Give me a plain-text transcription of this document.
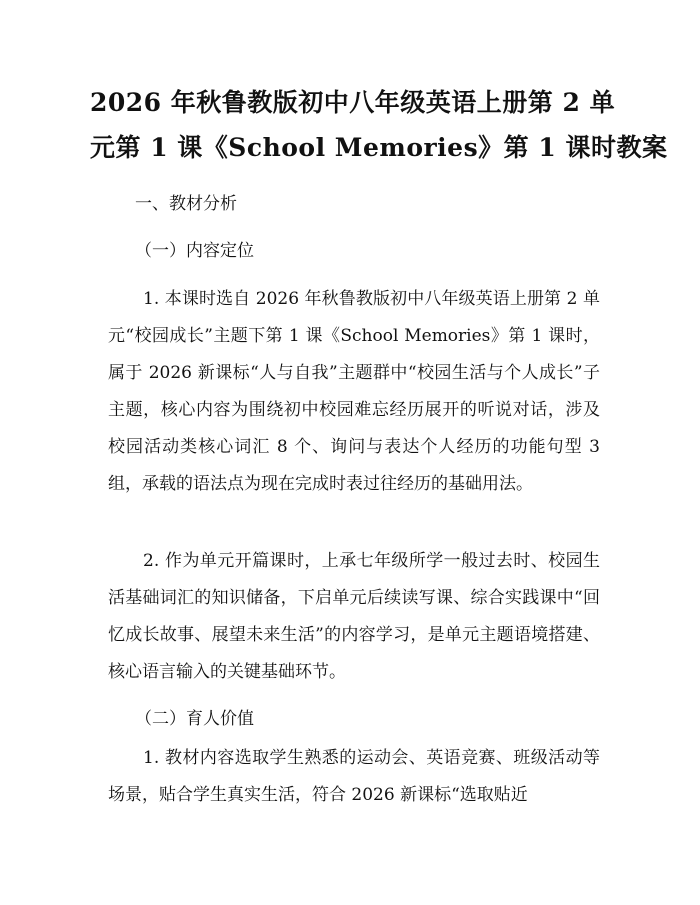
2026 年秋鲁教版初中八年级英语上册第 2 单
元第 1 课《School Memories》第 1 课时教案
一、教材分析
（一）内容定位
1. 本课时选自 2026 年秋鲁教版初中八年级英语上册第 2 单元“校园成长”主题下第 1 课《School Memories》第 1 课时，属于 2026 新课标“人与自我”主题群中“校园生活与个人成长”子主题，核心内容为围绕初中校园难忘经历展开的听说对话，涉及校园活动类核心词汇 8 个、询问与表达个人经历的功能句型 3 组，承载的语法点为现在完成时表过往经历的基础用法。
2. 作为单元开篇课时，上承七年级所学一般过去时、校园生活基础词汇的知识储备，下启单元后续读写课、综合实践课中“回忆成长故事、展望未来生活”的内容学习，是单元主题语境搭建、核心语言输入的关键基础环节。
（二）育人价值
1. 教材内容选取学生熟悉的运动会、英语竞赛、班级活动等场景，贴合学生真实生活，符合 2026 新课标“选取贴近
